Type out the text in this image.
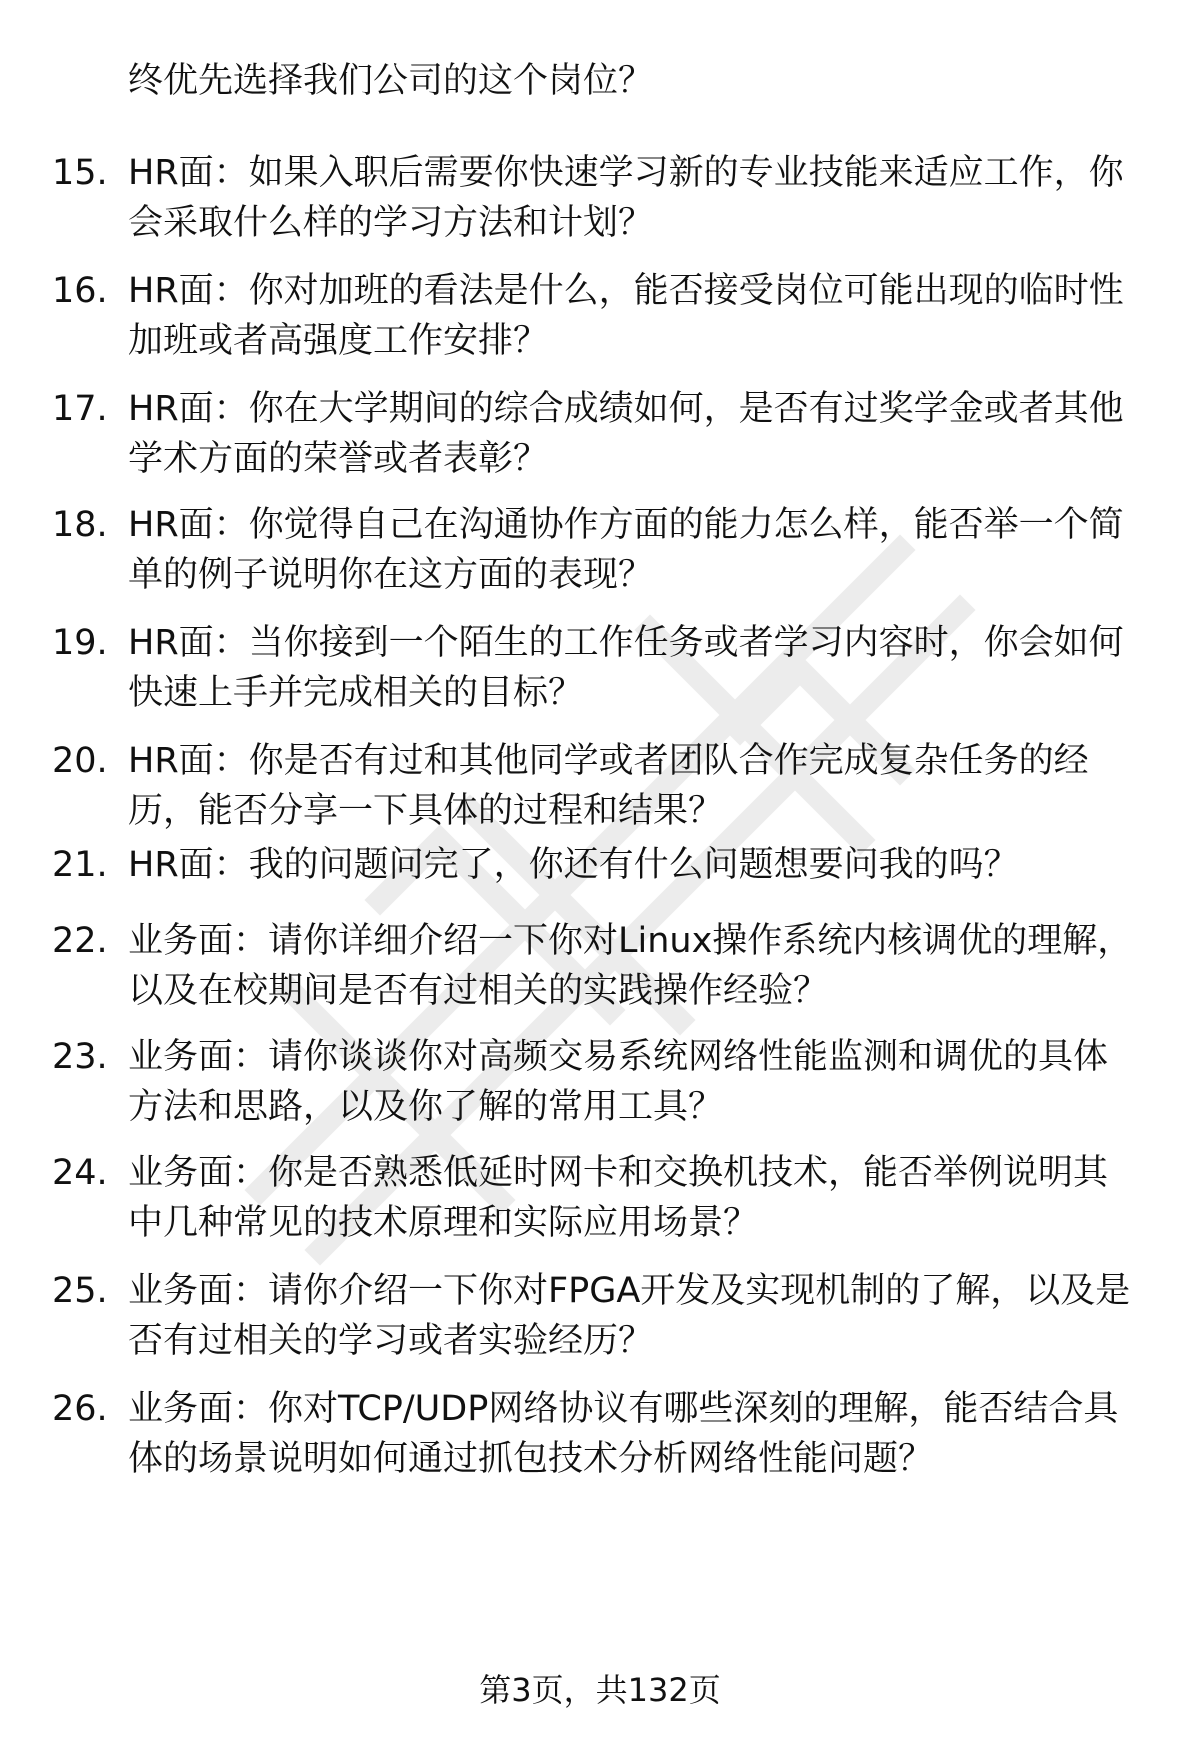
终优先选择我们公司的这个岗位？
15. HR面：如果入职后需要你快速学习新的专业技能来适应工作，你
会采取什么样的学习方法和计划？
16. HR面：你对加班的看法是什么，能否接受岗位可能出现的临时性
加班或者高强度工作安排？
17. HR面：你在大学期间的综合成绩如何，是否有过奖学金或者其他
学术方面的荣誉或者表彰？
18. HR面：你觉得自己在沟通协作方面的能力怎么样，能否举一个简
单的例子说明你在这方面的表现？
19. HR面：当你接到一个陌生的工作任务或者学习内容时，你会如何
快速上手并完成相关的目标？
20. HR面：你是否有过和其他同学或者团队合作完成复杂任务的经
历，能否分享一下具体的过程和结果？
21. HR面：我的问题问完了，你还有什么问题想要问我的吗？
22. 业务面：请你详细介绍一下你对Linux操作系统内核调优的理解，
以及在校期间是否有过相关的实践操作经验？
23. 业务面：请你谈谈你对高频交易系统网络性能监测和调优的具体
方法和思路，以及你了解的常用工具？
24. 业务面：你是否熟悉低延时网卡和交换机技术，能否举例说明其
中几种常见的技术原理和实际应用场景？
25. 业务面：请你介绍一下你对FPGA开发及实现机制的了解，以及是
否有过相关的学习或者实验经历？
26. 业务面：你对TCP/UDP网络协议有哪些深刻的理解，能否结合具
体的场景说明如何通过抓包技术分析网络性能问题？
第3页，共132页
